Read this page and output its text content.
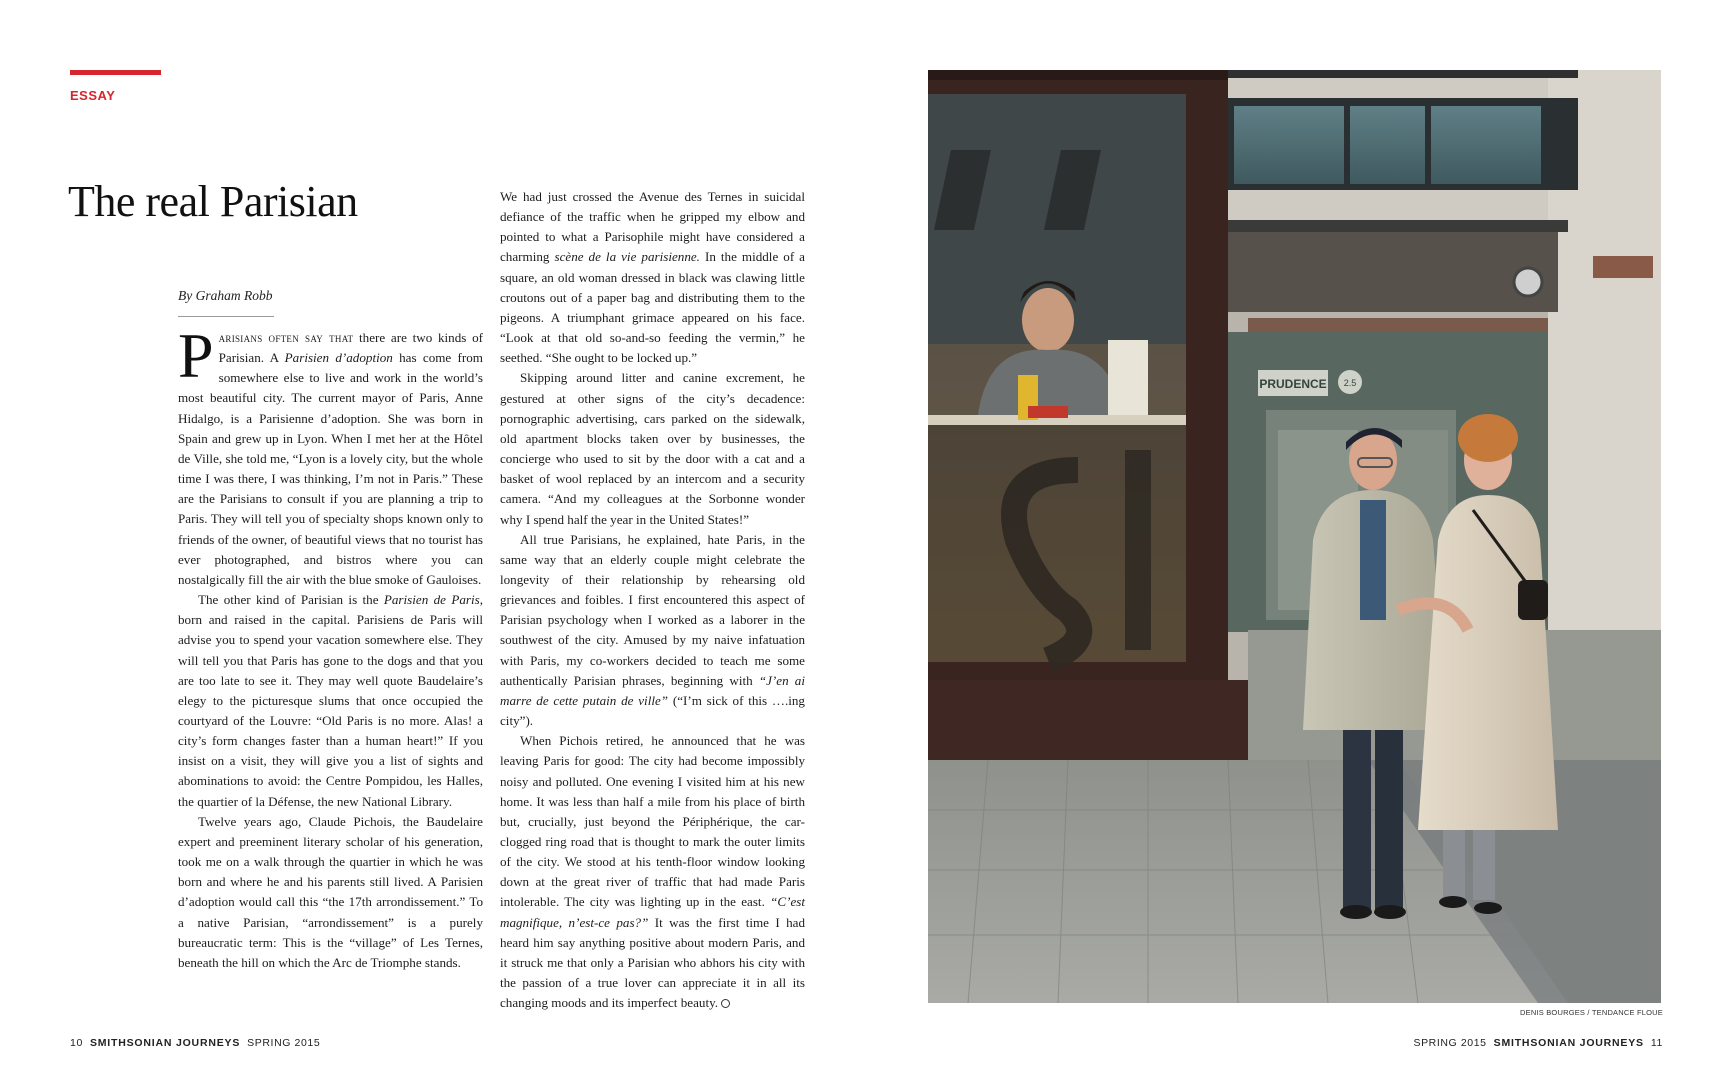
ESSAY
The real Parisian
By Graham Robb

Parisians often say that there are two kinds of Parisian. A Parisien d’adoption has come from somewhere else to live and work in the world’s most beautiful city. The current mayor of Paris, Anne Hidalgo, is a Parisienne d’adoption. She was born in Spain and grew up in Lyon. When I met her at the Hôtel de Ville, she told me, “Lyon is a lovely city, but the whole time I was there, I was thinking, I’m not in Paris.” These are the Parisians to consult if you are planning a trip to Paris. They will tell you of specialty shops known only to friends of the owner, of beautiful views that no tourist has ever photographed, and bistros where you can nostalgically fill the air with the blue smoke of Gauloises.

The other kind of Parisian is the Parisien de Paris, born and raised in the capital. Parisiens de Paris will advise you to spend your vacation somewhere else. They will tell you that Paris has gone to the dogs and that you are too late to see it. They may well quote Baudelaire’s elegy to the picturesque slums that once occupied the courtyard of the Louvre: “Old Paris is no more. Alas! a city’s form changes faster than a human heart!” If you insist on a visit, they will give you a list of sights and abominations to avoid: the Centre Pompidou, les Halles, the quartier of la Défense, the new National Library.

Twelve years ago, Claude Pichois, the Baudelaire expert and preeminent literary scholar of his generation, took me on a walk through the quartier in which he was born and where he and his parents still lived. A Parisien d’adoption would call this “the 17th arrondissement.” To a native Parisian, “arrondissement” is a purely bureaucratic term: This is the “village” of Les Ternes, beneath the hill on which the Arc de Triomphe stands.

We had just crossed the Avenue des Ternes in suicidal defiance of the traffic when he gripped my elbow and pointed to what a Parisophile might have considered a charming scène de la vie parisienne. In the middle of a square, an old woman dressed in black was clawing little croutons out of a paper bag and distributing them to the pigeons. A triumphant grimace appeared on his face. “Look at that old so-and-so feeding the vermin,” he seethed. “She ought to be locked up.”

Skipping around litter and canine excrement, he gestured at other signs of the city’s decadence: pornographic advertising, cars parked on the sidewalk, old apartment blocks taken over by businesses, the concierge who used to sit by the door with a cat and a basket of wool replaced by an intercom and a security camera. “And my colleagues at the Sorbonne wonder why I spend half the year in the United States!”

All true Parisians, he explained, hate Paris, in the same way that an elderly couple might celebrate the longevity of their relationship by rehearsing old grievances and foibles. I first encountered this aspect of Parisian psychology when I worked as a laborer in the southwest of the city. Amused by my naive infatuation with Paris, my co-workers decided to teach me some authentically Parisian phrases, beginning with “J’en ai marre de cette putain de ville” (“I’m sick of this ….ing city”).

When Pichois retired, he announced that he was leaving Paris for good: The city had become impossibly noisy and polluted. One evening I visited him at his new home. It was less than half a mile from his place of birth but, crucially, just beyond the Périphérique, the car-clogged ring road that is thought to mark the outer limits of the city. We stood at his tenth-floor window looking down at the great river of traffic that had made Paris intolerable. The city was lighting up in the east. “C’est magnifique, n’est-ce pas?” It was the first time I had heard him say anything positive about modern Paris, and it struck me that only a Parisian who abhors his city with the passion of a true lover can appreciate it in all its changing moods and its imperfect beauty.

10 SMITHSONIAN JOURNEYS SPRING 2015
PRUDENCE 2.5
DENIS BOURGES / TENDANCE FLOUE
SPRING 2015 SMITHSONIAN JOURNEYS 11
